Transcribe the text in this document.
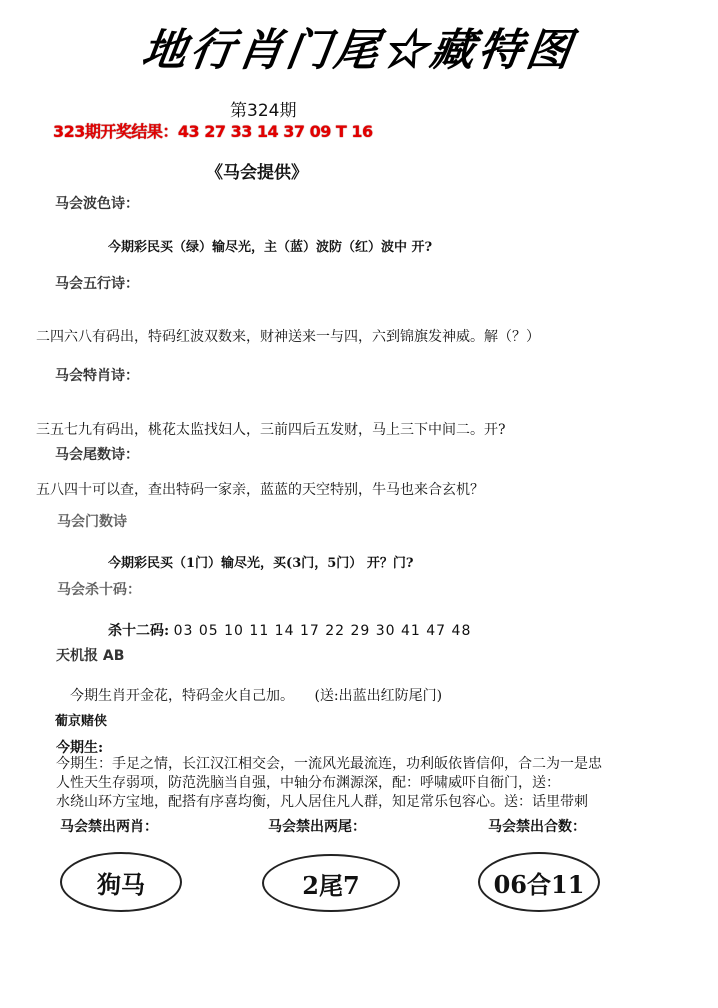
地行肖门尾☆藏特图
第324期
323期开奖结果：43 27 33 14 37 09 T 16
《马会提供》
马会波色诗：
今期彩民买（绿）输尽光，主（蓝）波防（红）波中 开?
马会五行诗：
二四六八有码出，特码红波双数来，财神送来一与四，六到锦旗发神威。解（？）
马会特肖诗：
三五七九有码出，桃花太监找妇人，三前四后五发财，马上三下中间二。开?
马会尾数诗：
五八四十可以查，查出特码一家亲，蓝蓝的天空特别，牛马也来合玄机？
马会门数诗
今期彩民买（1门）输尽光，买(3门，5门） 开？门?
马会杀十码：
杀十二码: 03 05 10 11 14 17 22 29 30 41 47 48
天机报 AB
今期生肖开金花，特码金火自己加。 (送:出蓝出红防尾门)
葡京赌侠
今期生:
今期生：手足之情，长江汉江相交会，一流风光最流连，功利皈依皆信仰，合二为一是忠
人性天生存弱项，防范洗脑当自强，中轴分布渊源深，配：呼啸威吓自衙门，送：
水绕山环方宝地，配搭有序喜均衡，凡人居住凡人群，知足常乐包容心。送：话里带刺
马会禁出两肖：	马会禁出两尾：	马会禁出合数：
狗马	2尾7	06合11
